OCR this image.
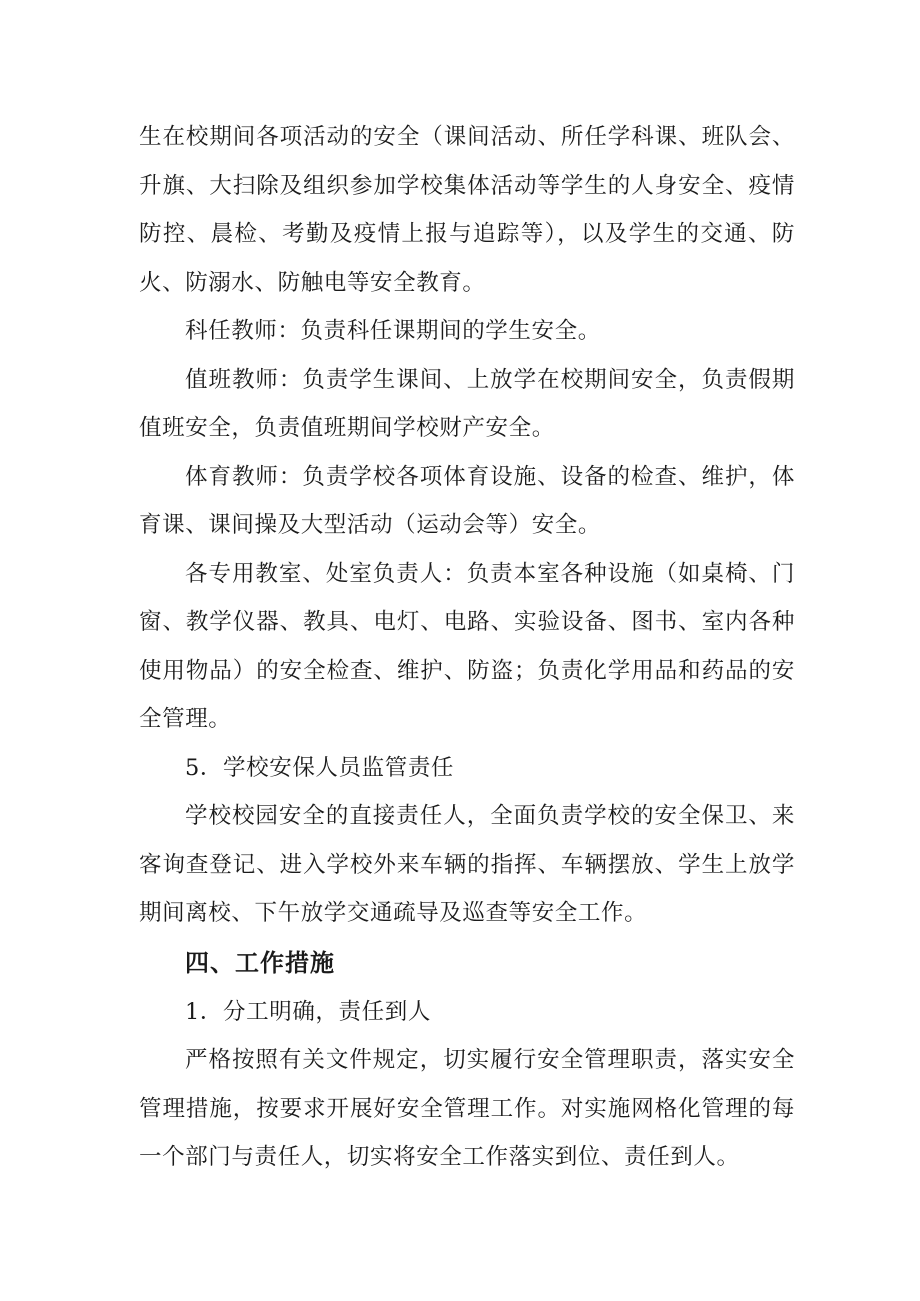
生在校期间各项活动的安全（课间活动、所任学科课、班队会、升旗、大扫除及组织参加学校集体活动等学生的人身安全、疫情防控、晨检、考勤及疫情上报与追踪等），以及学生的交通、防火、防溺水、防触电等安全教育。

科任教师：负责科任课期间的学生安全。

值班教师：负责学生课间、上放学在校期间安全，负责假期值班安全，负责值班期间学校财产安全。

体育教师：负责学校各项体育设施、设备的检查、维护，体育课、课间操及大型活动（运动会等）安全。

各专用教室、处室负责人：负责本室各种设施（如桌椅、门窗、教学仪器、教具、电灯、电路、实验设备、图书、室内各种使用物品）的安全检查、维护、防盗；负责化学用品和药品的安全管理。

5．学校安保人员监管责任

学校校园安全的直接责任人，全面负责学校的安全保卫、来客询查登记、进入学校外来车辆的指挥、车辆摆放、学生上放学期间离校、下午放学交通疏导及巡查等安全工作。

四、工作措施

1．分工明确，责任到人

严格按照有关文件规定，切实履行安全管理职责，落实安全管理措施，按要求开展好安全管理工作。对实施网格化管理的每一个部门与责任人，切实将安全工作落实到位、责任到人。
